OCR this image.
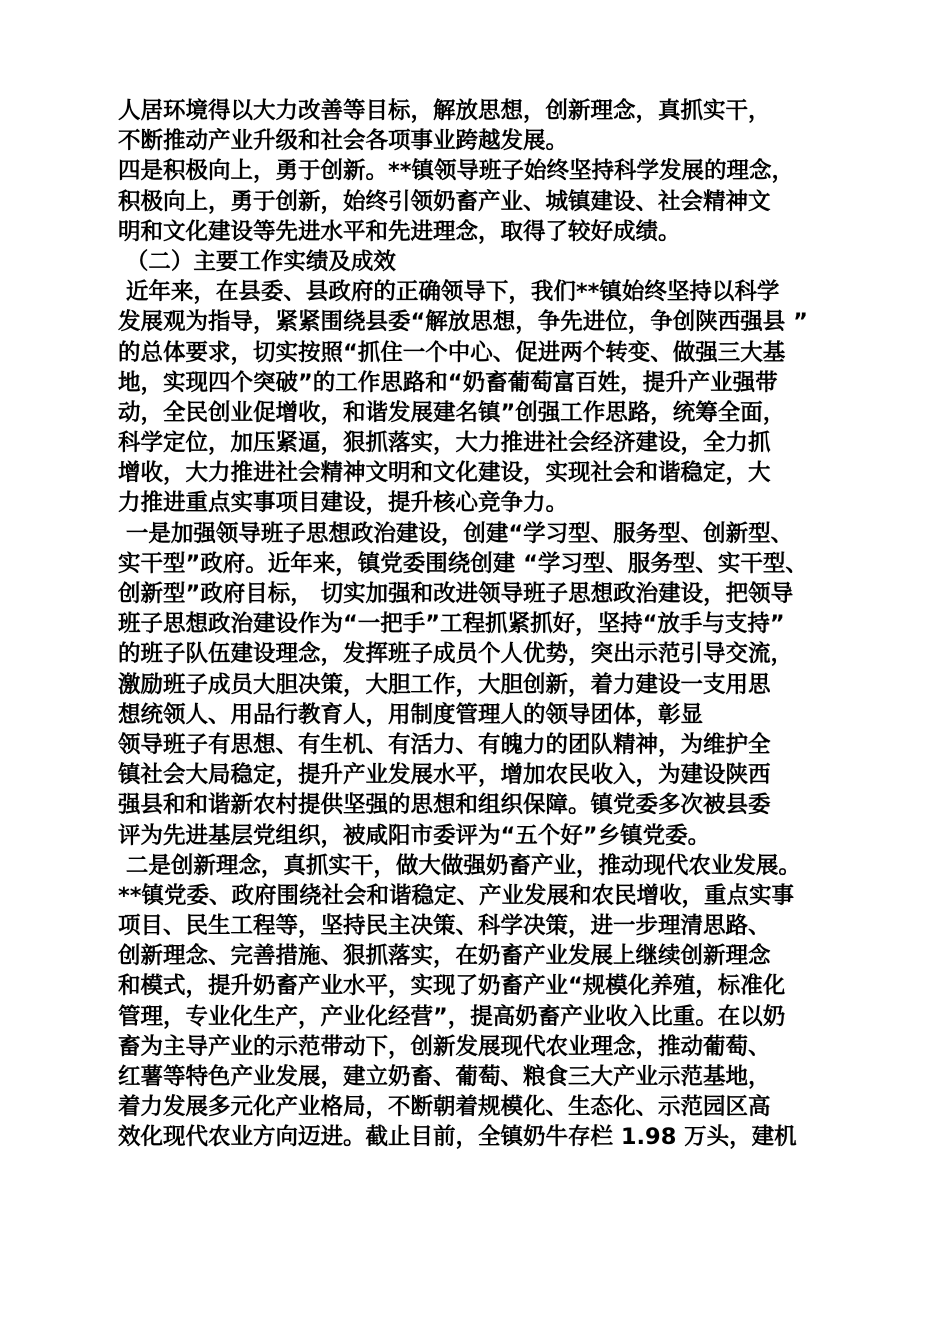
人居环境得以大力改善等目标，解放思想，创新理念，真抓实干，
不断推动产业升级和社会各项事业跨越发展。
四是积极向上，勇于创新。**镇领导班子始终坚持科学发展的理念，
积极向上，勇于创新，始终引领奶畜产业、城镇建设、社会精神文
明和文化建设等先进水平和先进理念，取得了较好成绩。
（二）主要工作实绩及成效
近年来，在县委、县政府的正确领导下，我们**镇始终坚持以科学
发展观为指导，紧紧围绕县委“解放思想，争先进位，争创陕西强县 ”
的总体要求，切实按照“抓住一个中心、促进两个转变、做强三大基
地，实现四个突破”的工作思路和“奶畜葡萄富百姓，提升产业强带
动，全民创业促增收，和谐发展建名镇”创强工作思路，统筹全面，
科学定位，加压紧逼，狠抓落实，大力推进社会经济建设，全力抓
增收，大力推进社会精神文明和文化建设，实现社会和谐稳定，大
力推进重点实事项目建设，提升核心竞争力。
一是加强领导班子思想政治建设，创建“学习型、服务型、创新型、
实干型”政府。近年来，镇党委围绕创建 “学习型、服务型、实干型、
创新型”政府目标， 切实加强和改进领导班子思想政治建设，把领导
班子思想政治建设作为“一把手”工程抓紧抓好，坚持“放手与支持”
的班子队伍建设理念，发挥班子成员个人优势，突出示范引导交流，
激励班子成员大胆决策，大胆工作，大胆创新，着力建设一支用思
想统领人、用品行教育人，用制度管理人的领导团体，彰显
领导班子有思想、有生机、有活力、有魄力的团队精神，为维护全
镇社会大局稳定，提升产业发展水平，增加农民收入，为建设陕西
强县和和谐新农村提供坚强的思想和组织保障。镇党委多次被县委
评为先进基层党组织，被咸阳市委评为“五个好”乡镇党委。
二是创新理念，真抓实干，做大做强奶畜产业，推动现代农业发展。
**镇党委、政府围绕社会和谐稳定、产业发展和农民增收，重点实事
项目、民生工程等，坚持民主决策、科学决策，进一步理清思路、
创新理念、完善措施、狠抓落实，在奶畜产业发展上继续创新理念
和模式，提升奶畜产业水平，实现了奶畜产业“规模化养殖，标准化
管理，专业化生产，产业化经营”，提高奶畜产业收入比重。在以奶
畜为主导产业的示范带动下，创新发展现代农业理念，推动葡萄、
红薯等特色产业发展，建立奶畜、葡萄、粮食三大产业示范基地，
着力发展多元化产业格局，不断朝着规模化、生态化、示范园区高
效化现代农业方向迈进。截止目前，全镇奶牛存栏 1.98 万头，建机
